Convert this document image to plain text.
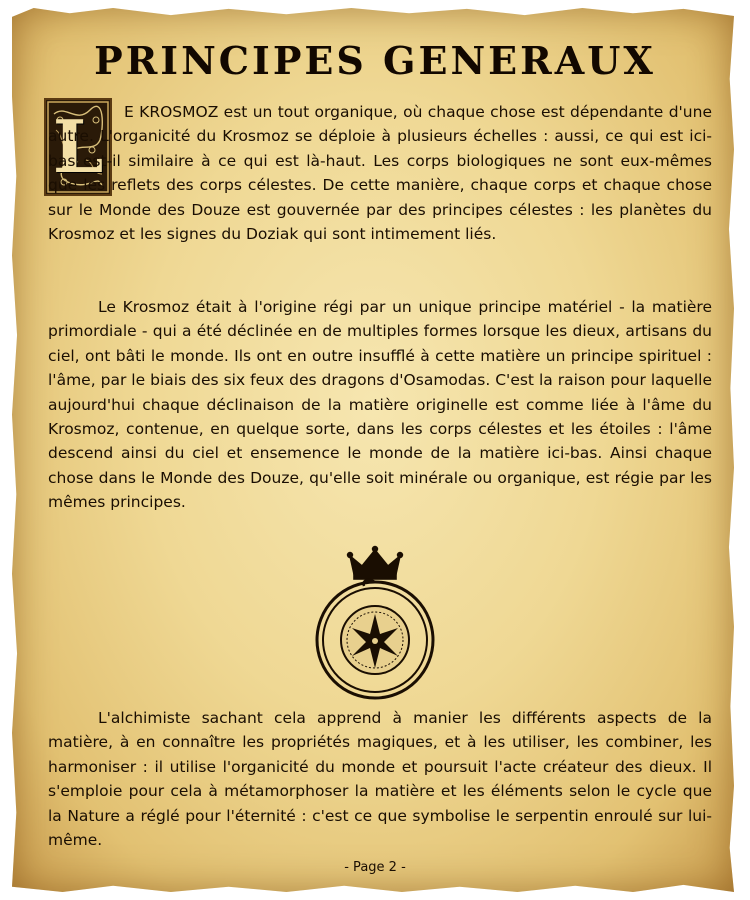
PRINCIPES GENERAUX
L	E KROSMOZ est un tout organique, où chaque chose est dépendante d'une autre. L'organicité du Krosmoz se déploie à plusieurs échelles : aussi, ce qui est ici-bas est-il similaire à ce qui est là-haut. Les corps biologiques ne sont eux-mêmes que les reflets des corps célestes. De cette manière, chaque corps et chaque chose sur le Monde des Douze est gouvernée par des principes célestes : les planètes du Krosmoz et les signes du Doziak qui sont intimement liés.

Le Krosmoz était à l'origine régi par un unique principe matériel - la matière primordiale - qui a été déclinée en de multiples formes lorsque les dieux, artisans du ciel, ont bâti le monde. Ils ont en outre insufflé à cette matière un principe spirituel : l'âme, par le biais des six feux des dragons d'Osamodas. C'est la raison pour laquelle aujourd'hui chaque déclinaison de la matière originelle est comme liée à l'âme du Krosmoz, contenue, en quelque sorte, dans les corps célestes et les étoiles : l'âme descend ainsi du ciel et ensemence le monde de la matière ici-bas. Ainsi chaque chose dans le Monde des Douze, qu'elle soit minérale ou organique, est régie par les mêmes principes.

L'alchimiste sachant cela apprend à manier les différents aspects de la matière, à en connaître les propriétés magiques, et à les utiliser, les combiner, les harmoniser : il utilise l'organicité du monde et poursuit l'acte créateur des dieux. Il s'emploie pour cela à métamorphoser la matière et les éléments selon le cycle que la Nature a réglé pour l'éternité : c'est ce que symbolise le serpentin enroulé sur lui-même.

- Page 2 -
